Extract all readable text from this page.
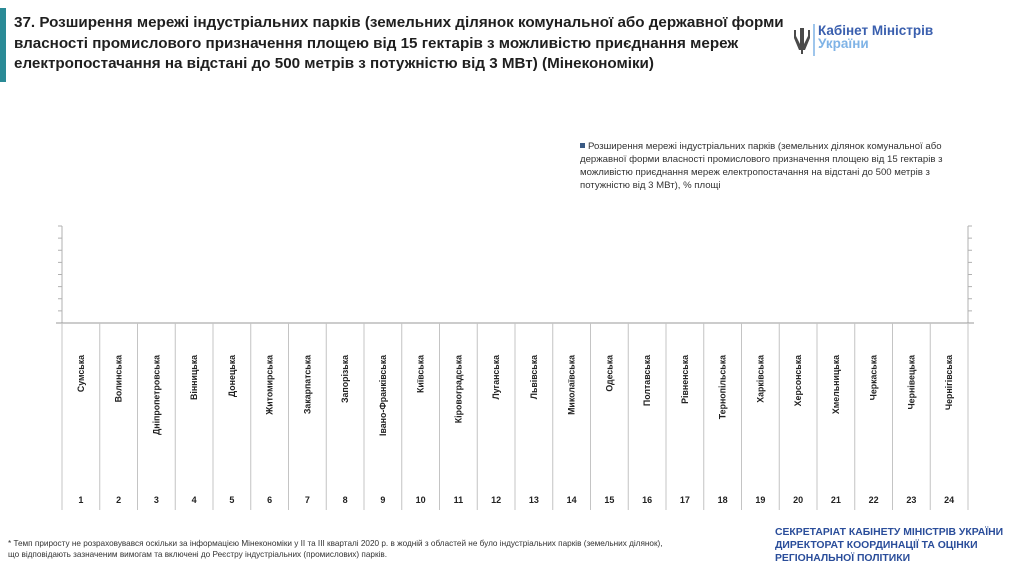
37. Розширення мережі індустріальних парків (земельних ділянок комунальної або державної форми власності промислового призначення площею від 15 гектарів з можливістю приєднання мереж електропостачання на відстані до 500 метрів з потужністю від 3 МВт) (Мінекономіки)
Кабінет Міністрів
України
Розширення мережі індустріальних парків (земельних ділянок комунальної або державної форми власності промислового призначення площею від 15 гектарів з можливістю приєднання мереж електропостачання на відстані до 500 метрів з потужністю від 3 МВт), % площі
Сумська
1
Волинська
2
Дніпропетровська
3
Вінницька
4
Донецька
5
Житомирська
6
Закарпатська
7
Запорізька
8
Івано-Франківська
9
Київська
10
Кіровоградська
11
Луганська
12
Львівська
13
Миколаївська
14
Одеська
15
Полтавська
16
Рівненська
17
Тернопільська
18
Харківська
19
Херсонська
20
Хмельницька
21
Черкаська
22
Чернівецька
23
Чернігівська
24
* Темп приросту не розраховувався оскільки за інформацією Мінекономіки у ІІ та ІІІ кварталі 2020 р. в жодній з областей не було індустріальних парків (земельних ділянок), що відповідають зазначеним вимогам та включені до Реєстру індустріальних (промислових) парків.
СЕКРЕТАРІАТ КАБІНЕТУ МІНІСТРІВ УКРАЇНИ
ДИРЕКТОРАТ КООРДИНАЦІЇ ТА ОЦІНКИ
РЕГІОНАЛЬНОЇ ПОЛІТИКИ
